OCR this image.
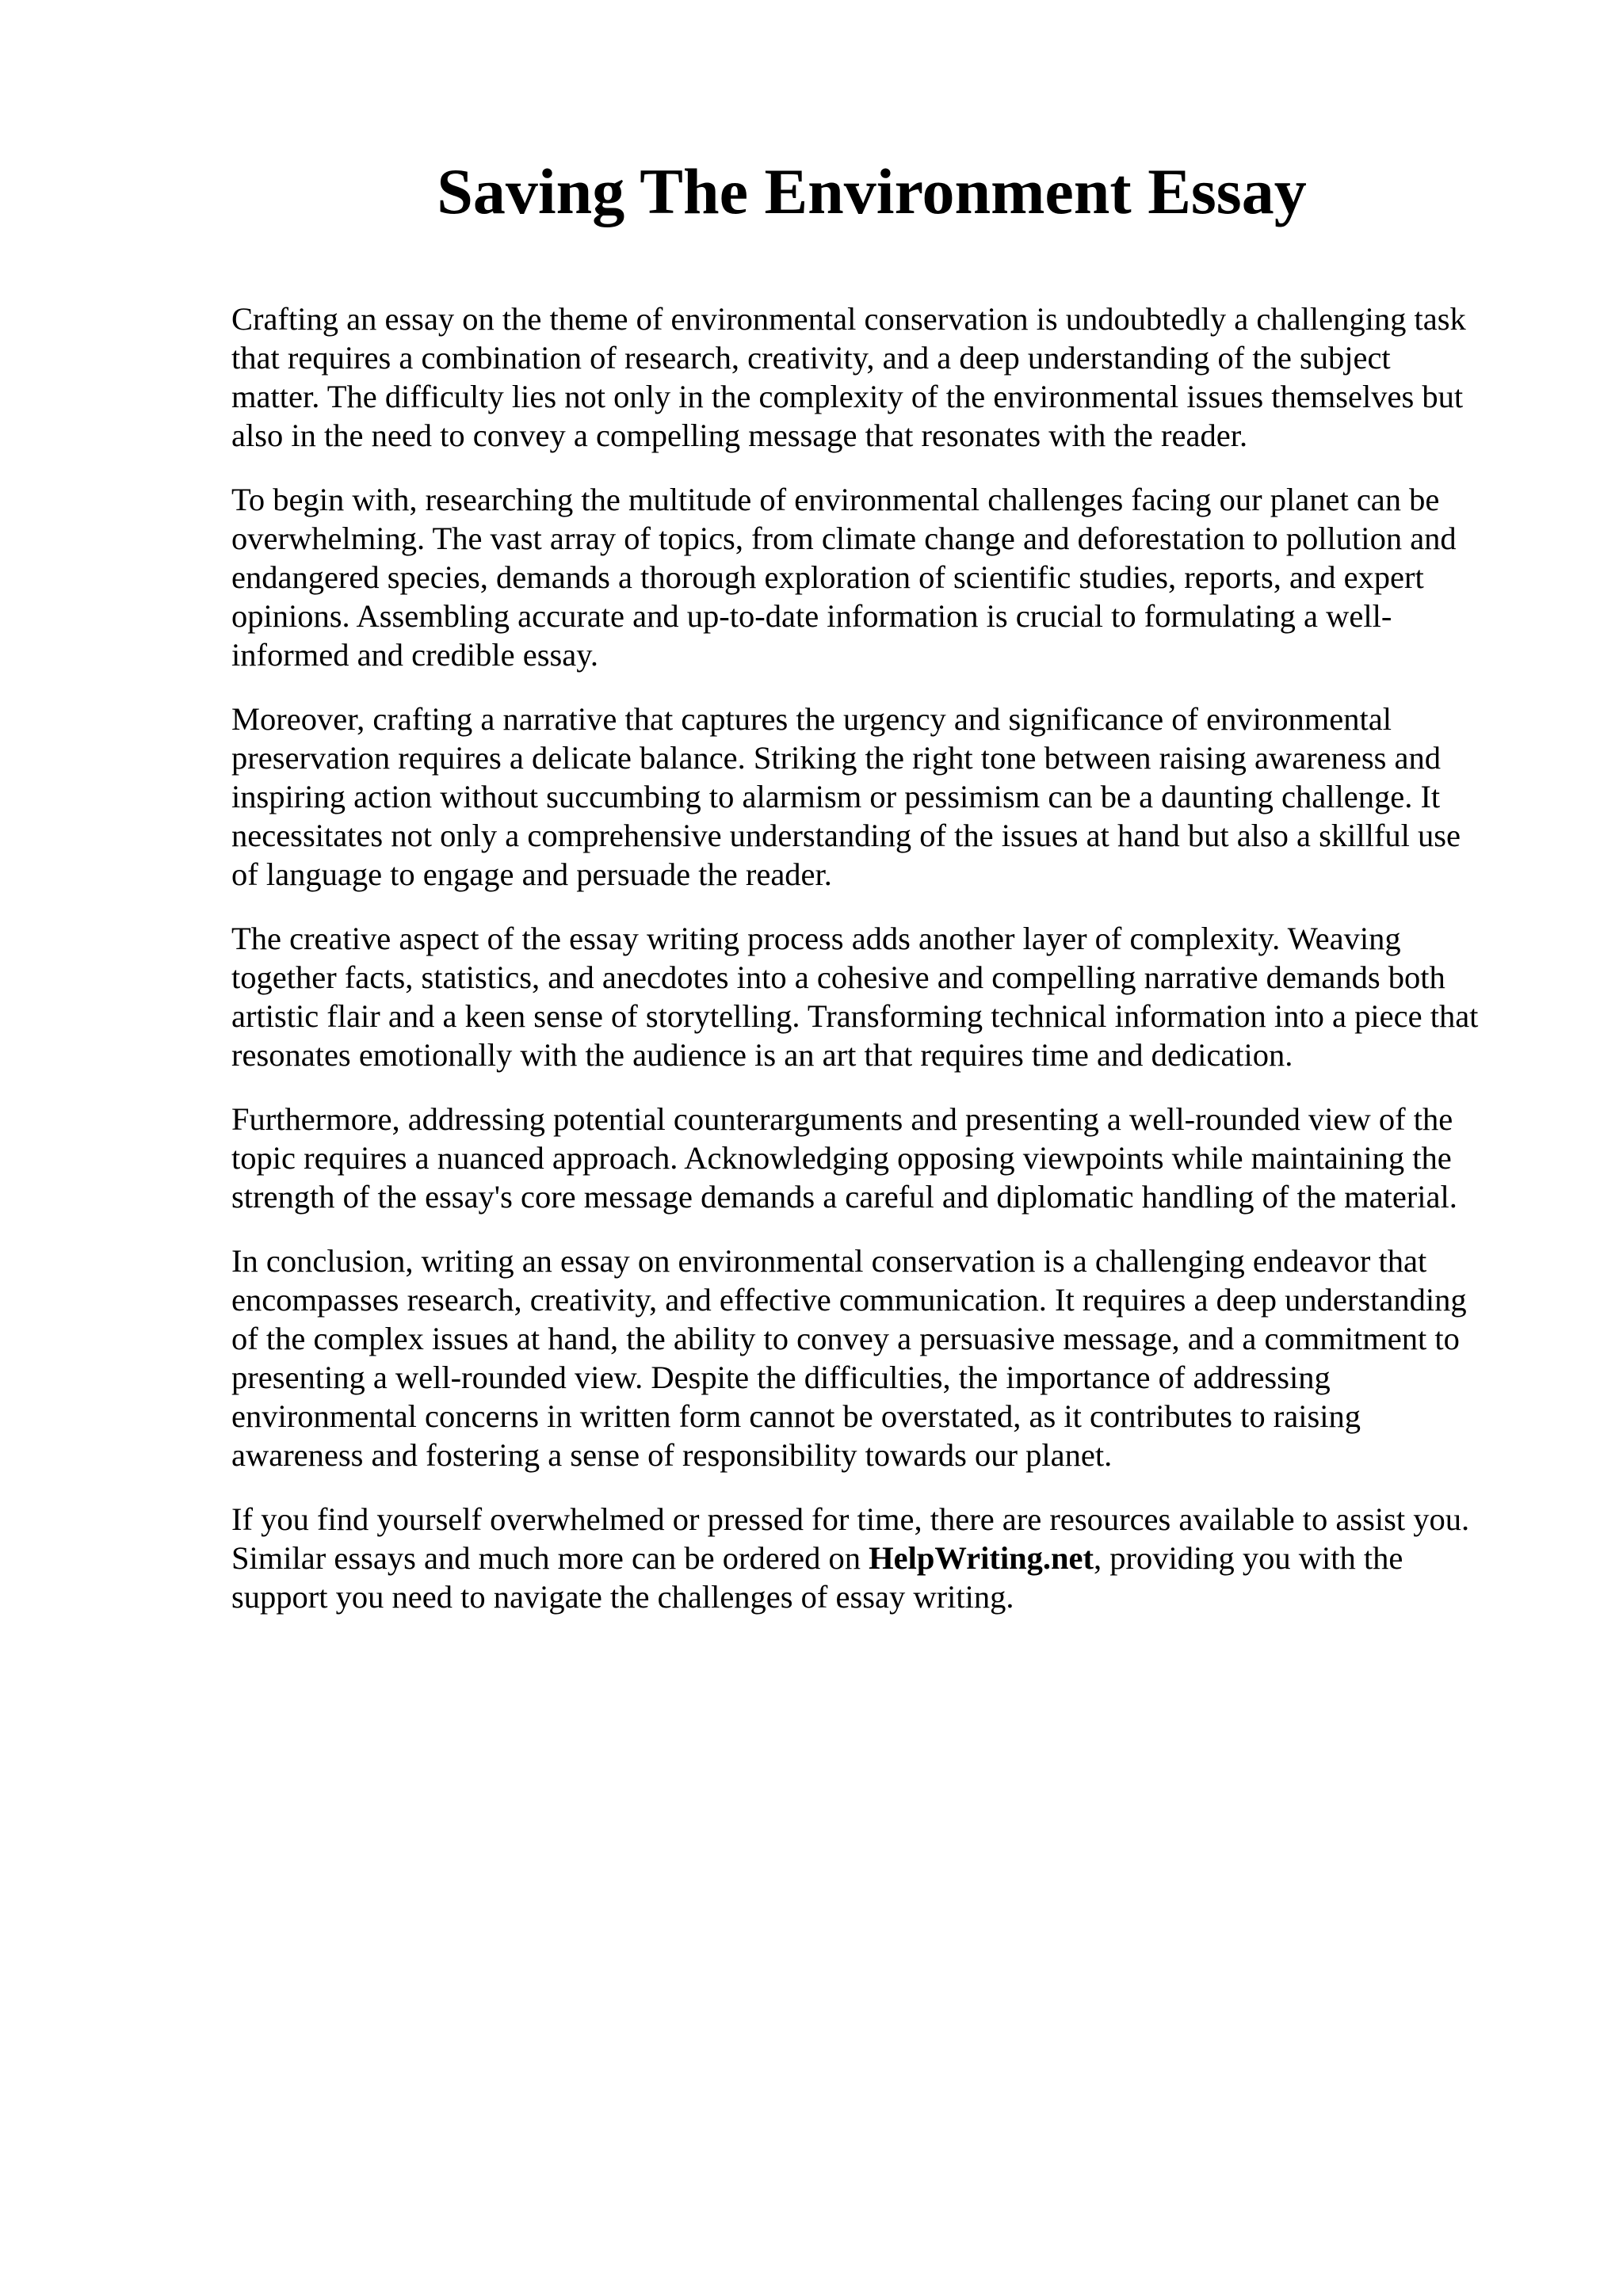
Saving The Environment Essay
Crafting an essay on the theme of environmental conservation is undoubtedly a challenging task
that requires a combination of research, creativity, and a deep understanding of the subject
matter. The difficulty lies not only in the complexity of the environmental issues themselves but
also in the need to convey a compelling message that resonates with the reader.
To begin with, researching the multitude of environmental challenges facing our planet can be
overwhelming. The vast array of topics, from climate change and deforestation to pollution and
endangered species, demands a thorough exploration of scientific studies, reports, and expert
opinions. Assembling accurate and up-to-date information is crucial to formulating a well-
informed and credible essay.
Moreover, crafting a narrative that captures the urgency and significance of environmental
preservation requires a delicate balance. Striking the right tone between raising awareness and
inspiring action without succumbing to alarmism or pessimism can be a daunting challenge. It
necessitates not only a comprehensive understanding of the issues at hand but also a skillful use
of language to engage and persuade the reader.
The creative aspect of the essay writing process adds another layer of complexity. Weaving
together facts, statistics, and anecdotes into a cohesive and compelling narrative demands both
artistic flair and a keen sense of storytelling. Transforming technical information into a piece that
resonates emotionally with the audience is an art that requires time and dedication.
Furthermore, addressing potential counterarguments and presenting a well-rounded view of the
topic requires a nuanced approach. Acknowledging opposing viewpoints while maintaining the
strength of the essay's core message demands a careful and diplomatic handling of the material.
In conclusion, writing an essay on environmental conservation is a challenging endeavor that
encompasses research, creativity, and effective communication. It requires a deep understanding
of the complex issues at hand, the ability to convey a persuasive message, and a commitment to
presenting a well-rounded view. Despite the difficulties, the importance of addressing
environmental concerns in written form cannot be overstated, as it contributes to raising
awareness and fostering a sense of responsibility towards our planet.
If you find yourself overwhelmed or pressed for time, there are resources available to assist you.
Similar essays and much more can be ordered on HelpWriting.net, providing you with the
support you need to navigate the challenges of essay writing.
